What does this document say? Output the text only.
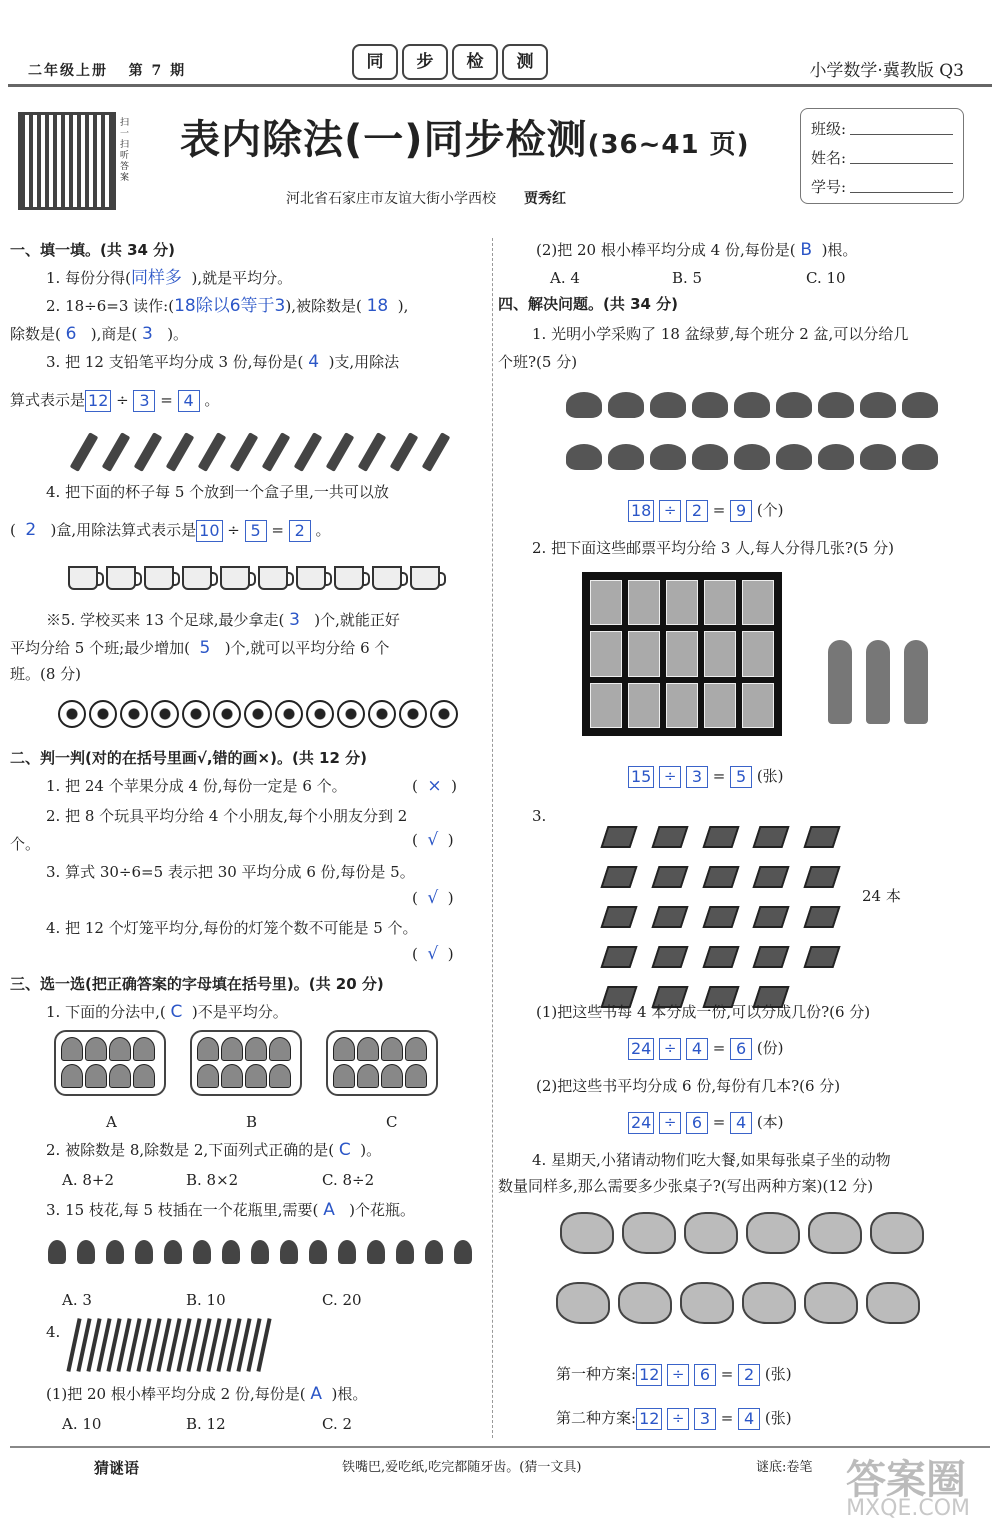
二年级上册 第 7 期	同	步	检	测	小学数学·冀教版 Q3
扫一扫 听答案
表内除法(一)同步检测(36~41 页)
河北省石家庄市友谊大街小学西校 贾秀红
班级:
姓名:
学号:
一、填一填。(共 34 分)
1. 每份分得(同样多 ),就是平均分。
2. 18÷6=3 读作:(18除以6等于3),被除数是( 18 ),
除数是( 6 ),商是( 3 )。
3. 把 12 支铅笔平均分成 3 份,每份是( 4 )支,用除法
算式表示是 12 ÷ 3 = 4 。
4. 把下面的杯子每 5 个放到一个盒子里,一共可以放
( 2 )盒,用除法算式表示是 10 ÷ 5 = 2 。
※5. 学校买来 13 个足球,最少拿走( 3 )个,就能正好
平均分给 5 个班;最少增加( 5 )个,就可以平均分给 6 个
班。(8 分)
二、判一判(对的在括号里画√,错的画×)。(共 12 分)
1. 把 24 个苹果分成 4 份,每份一定是 6 个。	(  ×  )
2. 把 8 个玩具平均分给 4 个小朋友,每个小朋友分到 2
个。	(  √  )
3. 算式 30÷6=5 表示把 30 平均分成 6 份,每份是 5。
(  √  )
4. 把 12 个灯笼平均分,每份的灯笼个数不可能是 5 个。
(  √  )
三、选一选(把正确答案的字母填在括号里)。(共 20 分)
1. 下面的分法中,( C )不是平均分。
A	B	C
2. 被除数是 8,除数是 2,下面列式正确的是( C )。
A. 8+2	B. 8×2	C. 8÷2
3. 15 枝花,每 5 枝插在一个花瓶里,需要( A )个花瓶。
A. 3	B. 10	C. 20
4.
(1)把 20 根小棒平均分成 2 份,每份是( A )根。
A. 10	B. 12	C. 2
(2)把 20 根小棒平均分成 4 份,每份是( B )根。
A. 4	B. 5	C. 10
四、解决问题。(共 34 分)
1. 光明小学采购了 18 盆绿萝,每个班分 2 盆,可以分给几
个班?(5 分)
18 ÷ 2 = 9 (个)
2. 把下面这些邮票平均分给 3 人,每人分得几张?(5 分)
15 ÷ 3 = 5 (张)
3.
24 本
(1)把这些书每 4 本分成一份,可以分成几份?(6 分)
24 ÷ 4 = 6 (份)
(2)把这些书平均分成 6 份,每份有几本?(6 分)
24 ÷ 6 = 4 (本)
4. 星期天,小猪请动物们吃大餐,如果每张桌子坐的动物
数量同样多,那么需要多少张桌子?(写出两种方案)(12 分)
第一种方案: 12 ÷ 6 = 2 (张)
第二种方案: 12 ÷ 3 = 4 (张)
猜谜语	铁嘴巴,爱吃纸,吃完都随牙齿。(猜一文具)	谜底:卷笔 答案圈
MXQE.COM
